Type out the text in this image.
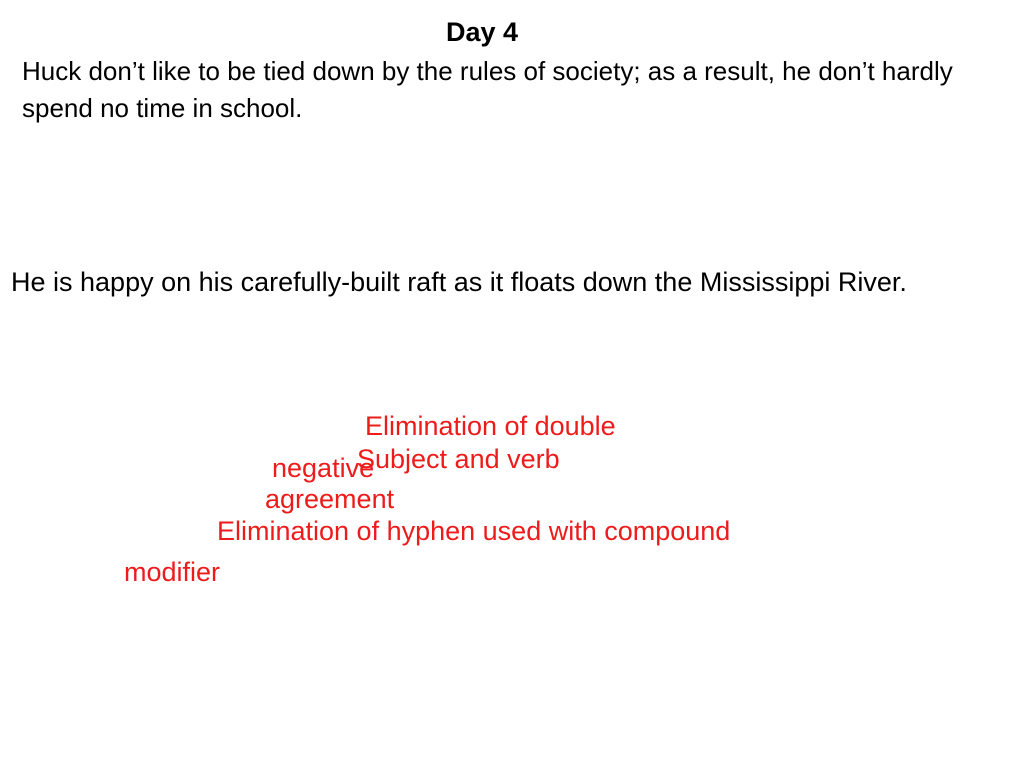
Day 4
Huck don’t like to be tied down by the rules of society; as a result, he don’t hardly spend no time in school.
He is happy on his carefully-built raft as it floats down the Mississippi River.
Elimination of double
negative
Subject and verb
agreement
Elimination of hyphen used with compound
modifier
